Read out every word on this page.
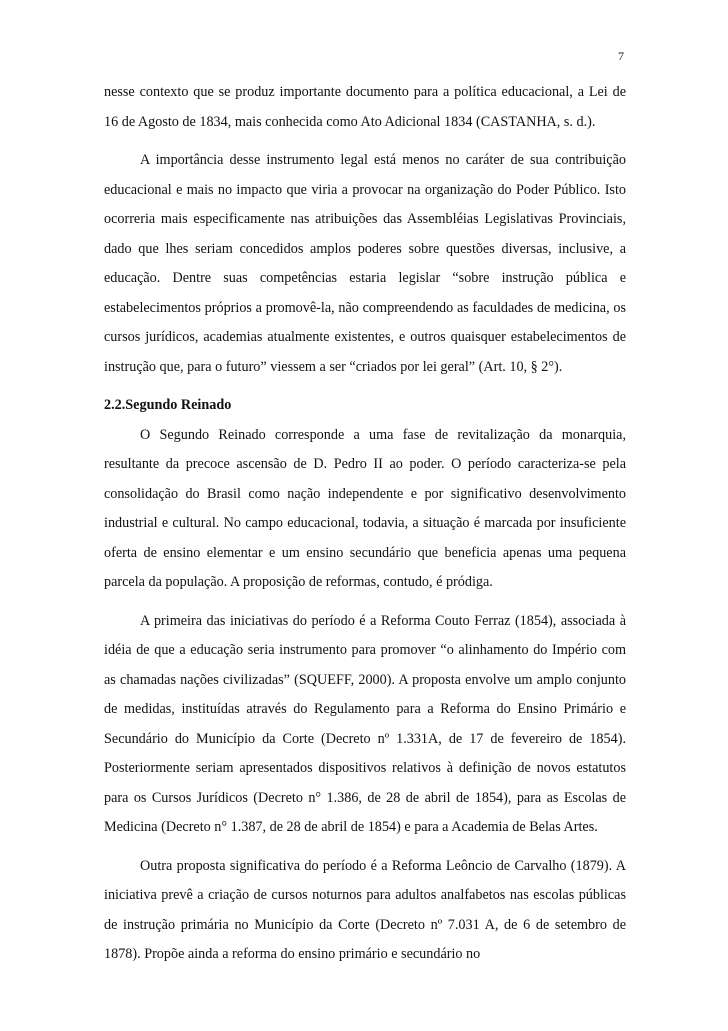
7

nesse contexto que se produz importante documento para a política educacional, a Lei de 16 de Agosto de 1834, mais conhecida como Ato Adicional 1834 (CASTANHA, s. d.).

A importância desse instrumento legal está menos no caráter de sua contribuição educacional e mais no impacto que viria a provocar na organização do Poder Público. Isto ocorreria mais especificamente nas atribuições das Assembléias Legislativas Provinciais, dado que lhes seriam concedidos amplos poderes sobre questões diversas, inclusive, a educação. Dentre suas competências estaria legislar “sobre instrução pública e estabelecimentos próprios a promovê-la, não compreendendo as faculdades de medicina, os cursos jurídicos, academias atualmente existentes, e outros quaisquer estabelecimentos de instrução que, para o futuro” viessem a ser “criados por lei geral” (Art. 10, § 2°).

2.2.Segundo Reinado

O Segundo Reinado corresponde a uma fase de revitalização da monarquia, resultante da precoce ascensão de D. Pedro II ao poder. O período caracteriza-se pela consolidação do Brasil como nação independente e por significativo desenvolvimento industrial e cultural. No campo educacional, todavia, a situação é marcada por insuficiente oferta de ensino elementar e um ensino secundário que beneficia apenas uma pequena parcela da população. A proposição de reformas, contudo, é pródiga.

A primeira das iniciativas do período é a Reforma Couto Ferraz (1854), associada à idéia de que a educação seria instrumento para promover “o alinhamento do Império com as chamadas nações civilizadas” (SQUEFF, 2000). A proposta envolve um amplo conjunto de medidas, instituídas através do Regulamento para a Reforma do Ensino Primário e Secundário do Município da Corte (Decreto nº 1.331A, de 17 de fevereiro de 1854). Posteriormente seriam apresentados dispositivos relativos à definição de novos estatutos para os Cursos Jurídicos (Decreto n° 1.386, de 28 de abril de 1854), para as Escolas de Medicina (Decreto n° 1.387, de 28 de abril de 1854) e para a Academia de Belas Artes.

Outra proposta significativa do período é a Reforma Leôncio de Carvalho (1879). A iniciativa prevê a criação de cursos noturnos para adultos analfabetos nas escolas públicas de instrução primária no Município da Corte (Decreto nº 7.031 A, de 6 de setembro de 1878). Propõe ainda a reforma do ensino primário e secundário no
